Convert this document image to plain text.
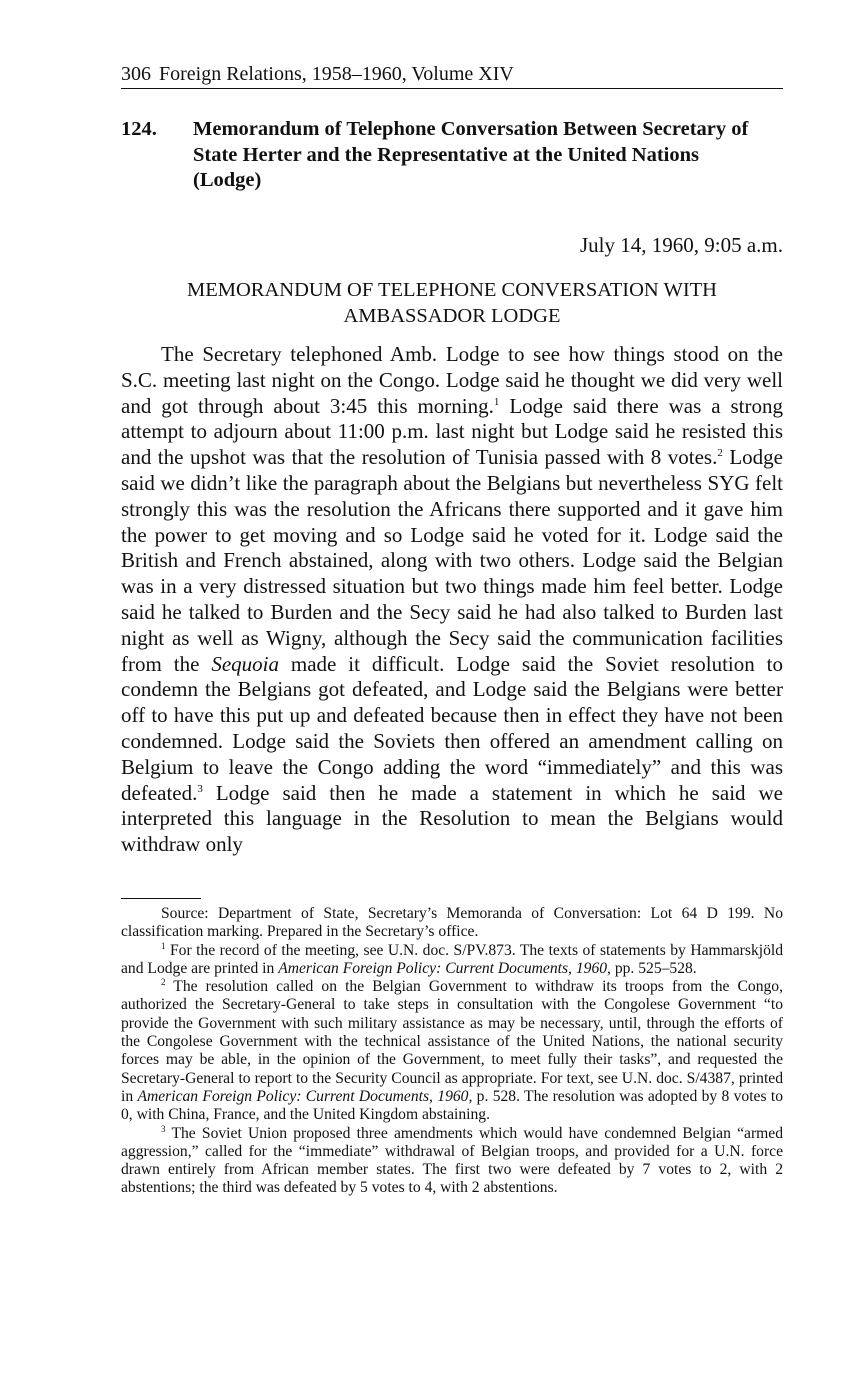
306 Foreign Relations, 1958–1960, Volume XIV
124. Memorandum of Telephone Conversation Between Secretary of State Herter and the Representative at the United Nations (Lodge)
July 14, 1960, 9:05 a.m.
MEMORANDUM OF TELEPHONE CONVERSATION WITH
AMBASSADOR LODGE

The Secretary telephoned Amb. Lodge to see how things stood on the S.C. meeting last night on the Congo. Lodge said he thought we did very well and got through about 3:45 this morning.$^1$ Lodge said there was a strong attempt to adjourn about 11:00 p.m. last night but Lodge said he resisted this and the upshot was that the resolution of Tunisia passed with 8 votes.$^2$ Lodge said we didn’t like the paragraph about the Belgians but nevertheless SYG felt strongly this was the resolution the Africans there supported and it gave him the power to get moving and so Lodge said he voted for it. Lodge said the British and French abstained, along with two others. Lodge said the Belgian was in a very distressed situation but two things made him feel better. Lodge said he talked to Burden and the Secy said he had also talked to Burden last night as well as Wigny, although the Secy said the communication facilities from the Sequoia made it difficult. Lodge said the Soviet resolution to condemn the Belgians got defeated, and Lodge said the Belgians were better off to have this put up and defeated because then in effect they have not been condemned. Lodge said the Soviets then offered an amendment calling on Belgium to leave the Congo adding the word “immediately” and this was defeated.$^3$ Lodge said then he made a statement in which he said we interpreted this language in the Resolution to mean the Belgians would withdraw only

Source: Department of State, Secretary’s Memoranda of Conversation: Lot 64 D 199. No classification marking. Prepared in the Secretary’s office.

$^1$ For the record of the meeting, see U.N. doc. S/PV.873. The texts of statements by Hammarskjöld and Lodge are printed in American Foreign Policy: Current Documents, 1960, pp. 525–528.

$^2$ The resolution called on the Belgian Government to withdraw its troops from the Congo, authorized the Secretary-General to take steps in consultation with the Congolese Government “to provide the Government with such military assistance as may be necessary, until, through the efforts of the Congolese Government with the technical assistance of the United Nations, the national security forces may be able, in the opinion of the Government, to meet fully their tasks”, and requested the Secretary-General to report to the Security Council as appropriate. For text, see U.N. doc. S/4387, printed in American Foreign Policy: Current Documents, 1960, p. 528. The resolution was adopted by 8 votes to 0, with China, France, and the United Kingdom abstaining.

$^3$ The Soviet Union proposed three amendments which would have condemned Belgian “armed aggression,” called for the “immediate” withdrawal of Belgian troops, and provided for a U.N. force drawn entirely from African member states. The first two were defeated by 7 votes to 2, with 2 abstentions; the third was defeated by 5 votes to 4, with 2 abstentions.
